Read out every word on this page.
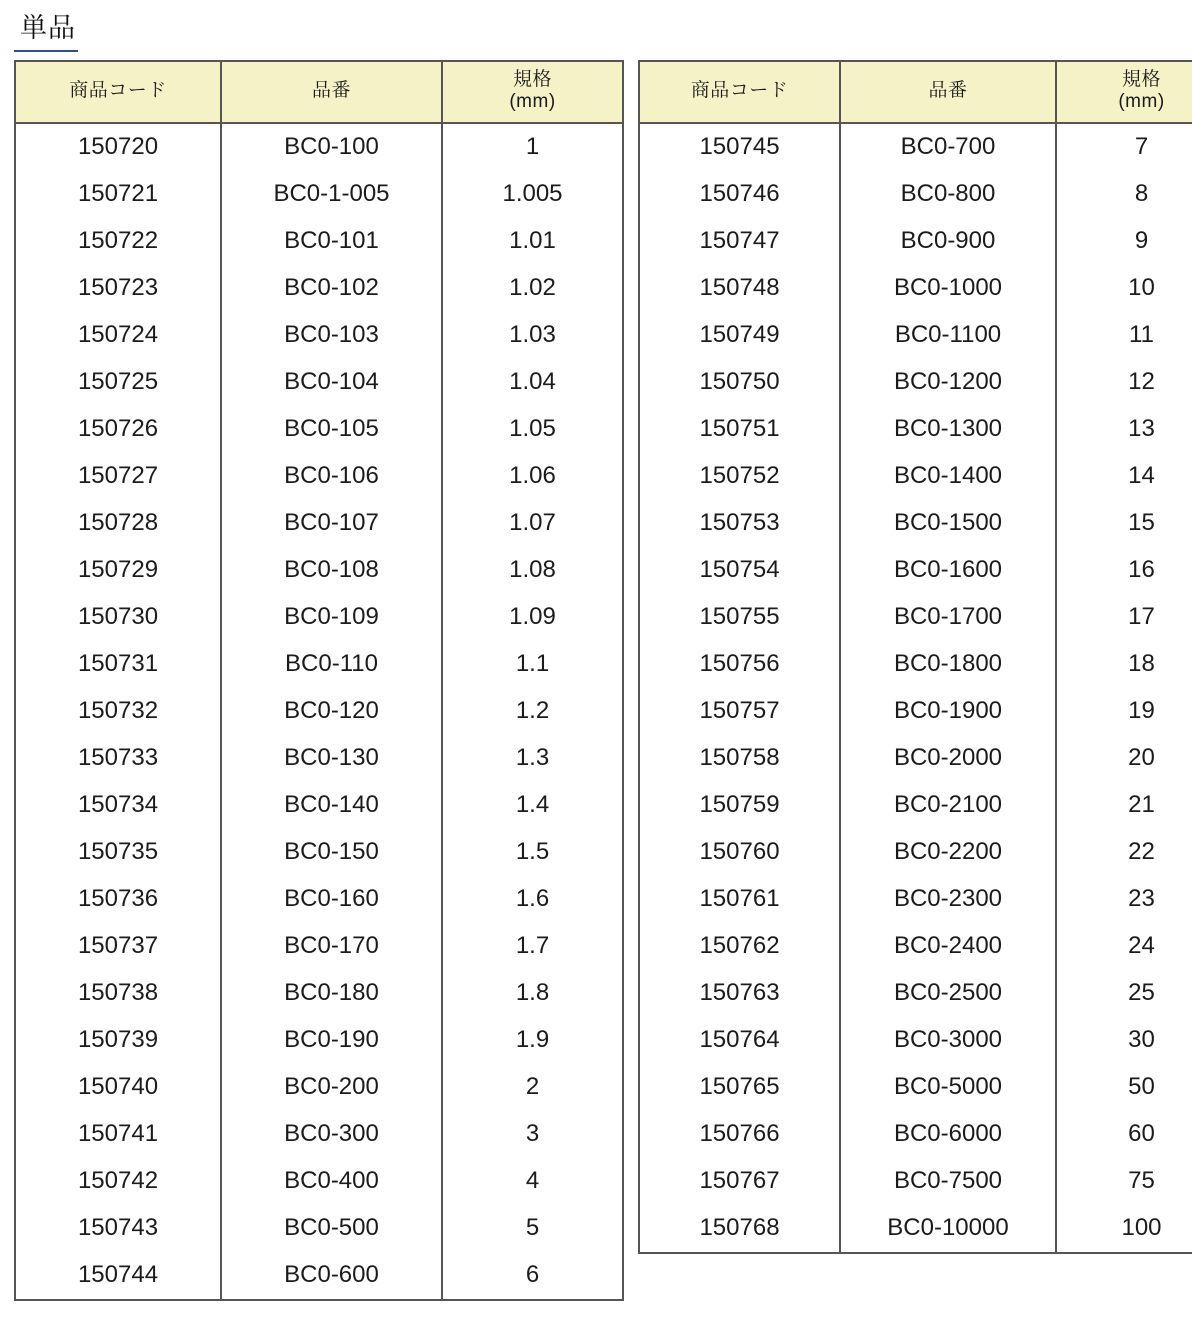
単品
商品コード	品番	規格
(mm)

150720	BC0-100	1
150721	BC0-1-005	1.005
150722	BC0-101	1.01
150723	BC0-102	1.02
150724	BC0-103	1.03
150725	BC0-104	1.04
150726	BC0-105	1.05
150727	BC0-106	1.06
150728	BC0-107	1.07
150729	BC0-108	1.08
150730	BC0-109	1.09
150731	BC0-110	1.1
150732	BC0-120	1.2
150733	BC0-130	1.3
150734	BC0-140	1.4
150735	BC0-150	1.5
150736	BC0-160	1.6
150737	BC0-170	1.7
150738	BC0-180	1.8
150739	BC0-190	1.9
150740	BC0-200	2
150741	BC0-300	3
150742	BC0-400	4
150743	BC0-500	5
150744	BC0-600	6
商品コード	品番	規格
(mm)

150745	BC0-700	7
150746	BC0-800	8
150747	BC0-900	9
150748	BC0-1000	10
150749	BC0-1100	11
150750	BC0-1200	12
150751	BC0-1300	13
150752	BC0-1400	14
150753	BC0-1500	15
150754	BC0-1600	16
150755	BC0-1700	17
150756	BC0-1800	18
150757	BC0-1900	19
150758	BC0-2000	20
150759	BC0-2100	21
150760	BC0-2200	22
150761	BC0-2300	23
150762	BC0-2400	24
150763	BC0-2500	25
150764	BC0-3000	30
150765	BC0-5000	50
150766	BC0-6000	60
150767	BC0-7500	75
150768	BC0-10000	100
